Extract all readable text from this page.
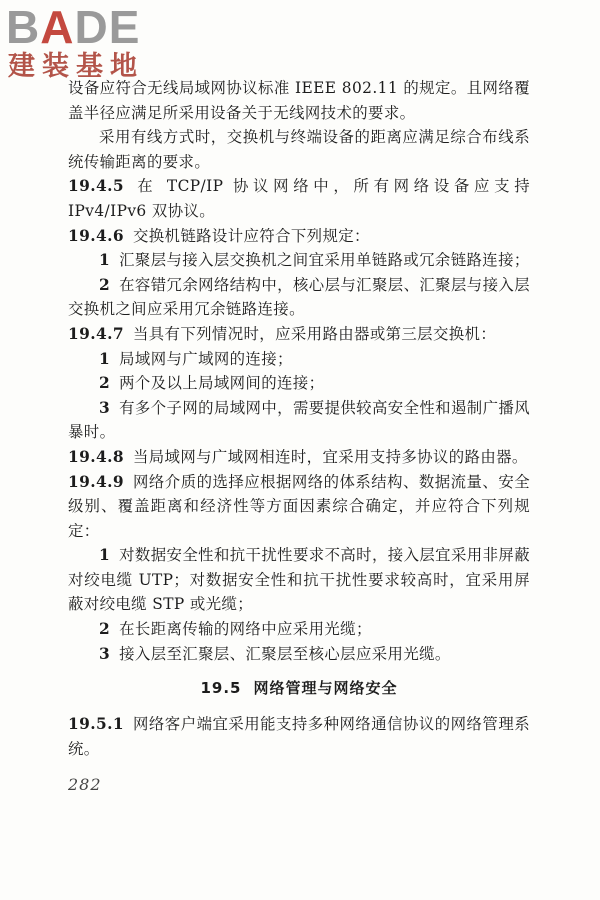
BADE
建装基地

设备应符合无线局域网协议标准 IEEE 802.11 的规定。且网络覆盖半径应满足所采用设备关于无线网技术的要求。

采用有线方式时，交换机与终端设备的距离应满足综合布线系统传输距离的要求。

19.4.5 在 TCP/IP 协议网络中，所有网络设备应支持 IPv4/IPv6 双协议。

19.4.6 交换机链路设计应符合下列规定：

1 汇聚层与接入层交换机之间宜采用单链路或冗余链路连接；

2 在容错冗余网络结构中，核心层与汇聚层、汇聚层与接入层交换机之间应采用冗余链路连接。

19.4.7 当具有下列情况时，应采用路由器或第三层交换机：

1 局域网与广域网的连接；

2 两个及以上局域网间的连接；

3 有多个子网的局域网中，需要提供较高安全性和遏制广播风暴时。

19.4.8 当局域网与广域网相连时，宜采用支持多协议的路由器。

19.4.9 网络介质的选择应根据网络的体系结构、数据流量、安全级别、覆盖距离和经济性等方面因素综合确定，并应符合下列规定：

1 对数据安全性和抗干扰性要求不高时，接入层宜采用非屏蔽对绞电缆 UTP；对数据安全性和抗干扰性要求较高时，宜采用屏蔽对绞电缆 STP 或光缆；

2 在长距离传输的网络中应采用光缆；

3 接入层至汇聚层、汇聚层至核心层应采用光缆。

19.5 网络管理与网络安全

19.5.1 网络客户端宜采用能支持多种网络通信协议的网络管理系统。

282
